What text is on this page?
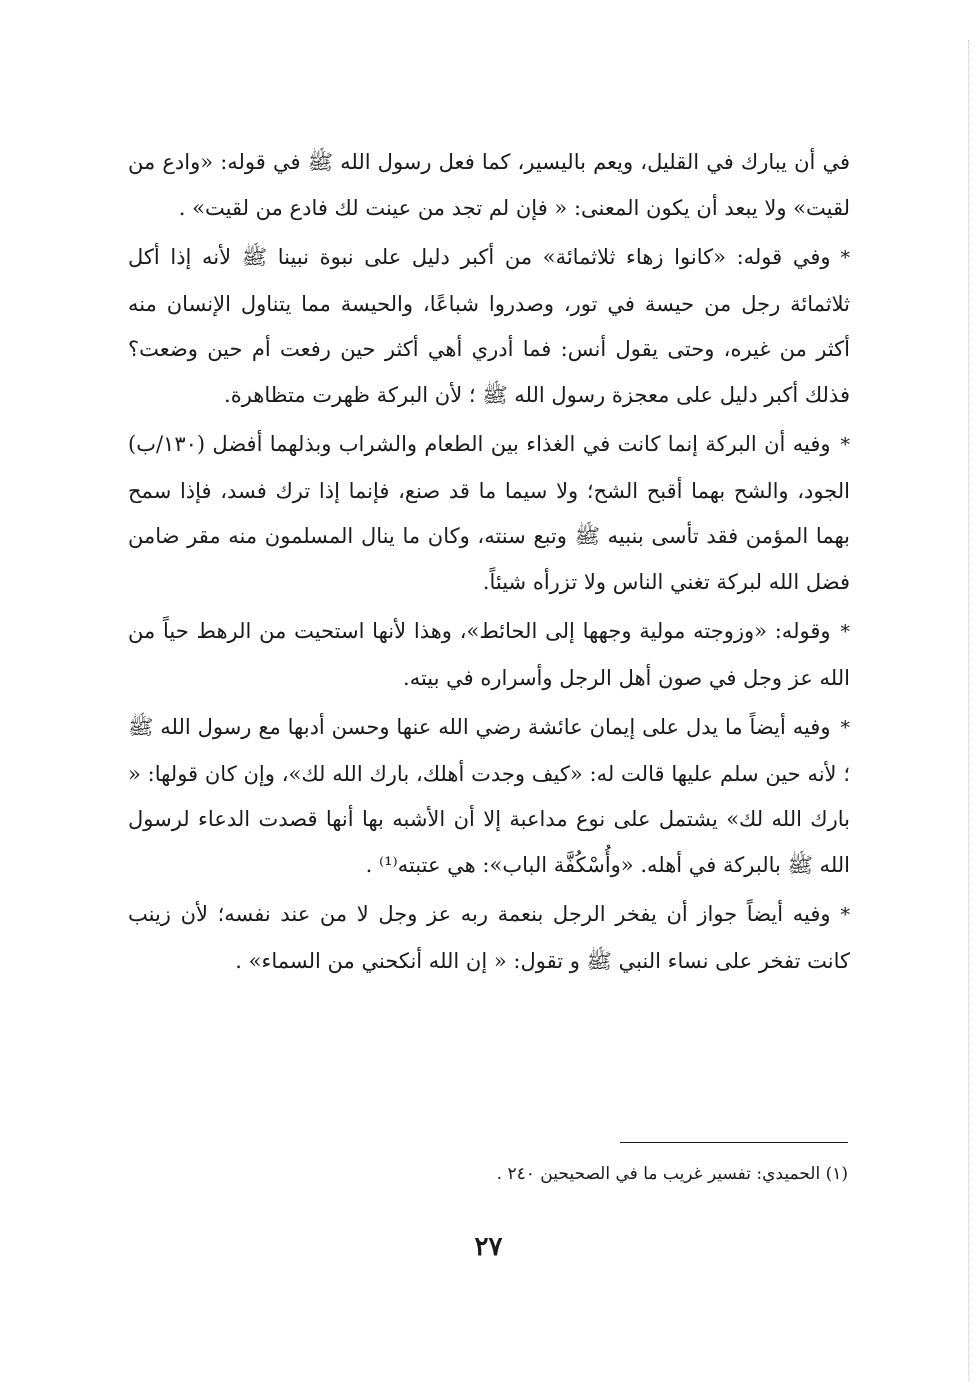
في أن يبارك في القليل، ويعم باليسير، كما فعل رسول الله ﷺ في قوله: «وادع من لقيت» ولا يبعد أن يكون المعنى: « فإن لم تجد من عينت لك فادع من لقيت» .

*وفي قوله: «كانوا زهاء ثلاثمائة» من أكبر دليل على نبوة نبينا ﷺ لأنه إذا أكل ثلاثمائة رجل من حيسة في تور، وصدروا شباعًا، والحيسة مما يتناول الإنسان منه أكثر من غيره، وحتى يقول أنس: فما أدري أهي أكثر حين رفعت أم حين وضعت؟ فذلك أكبر دليل على معجزة رسول الله ﷺ ؛ لأن البركة ظهرت متظاهرة.

*وفيه أن البركة إنما كانت في الغذاء بين الطعام والشراب وبذلهما أفضل (١٣٠/ب) الجود، والشح بهما أقبح الشح؛ ولا سيما ما قد صنع، فإنما إذا ترك فسد، فإذا سمح بهما المؤمن فقد تأسى بنبيه ﷺ وتبع سنته، وكان ما ينال المسلمون منه مقر ضامن فضل الله لبركة تغني الناس ولا تزرأه شيئاً.

*وقوله: «وزوجته مولية وجهها إلى الحائط»، وهذا لأنها استحيت من الرهط حياً من الله عز وجل في صون أهل الرجل وأسراره في بيته.

*وفيه أيضاً ما يدل على إيمان عائشة رضي الله عنها وحسن أدبها مع رسول الله ﷺ ؛ لأنه حين سلم عليها قالت له: «كيف وجدت أهلك، بارك الله لك»، وإن كان قولها: « بارك الله لك» يشتمل على نوع مداعبة إلا أن الأشبه بها أنها قصدت الدعاء لرسول الله ﷺ بالبركة في أهله. «وأُسْكُفَّة الباب»: هي عتبته⁽¹⁾ .

*وفيه أيضاً جواز أن يفخر الرجل بنعمة ربه عز وجل لا من عند نفسه؛ لأن زينب كانت تفخر على نساء النبي ﷺ و تقول: « إن الله أنكحني من السماء» .

(١) الحميدي: تفسير غريب ما في الصحيحين ٢٤٠ .
٢٧
